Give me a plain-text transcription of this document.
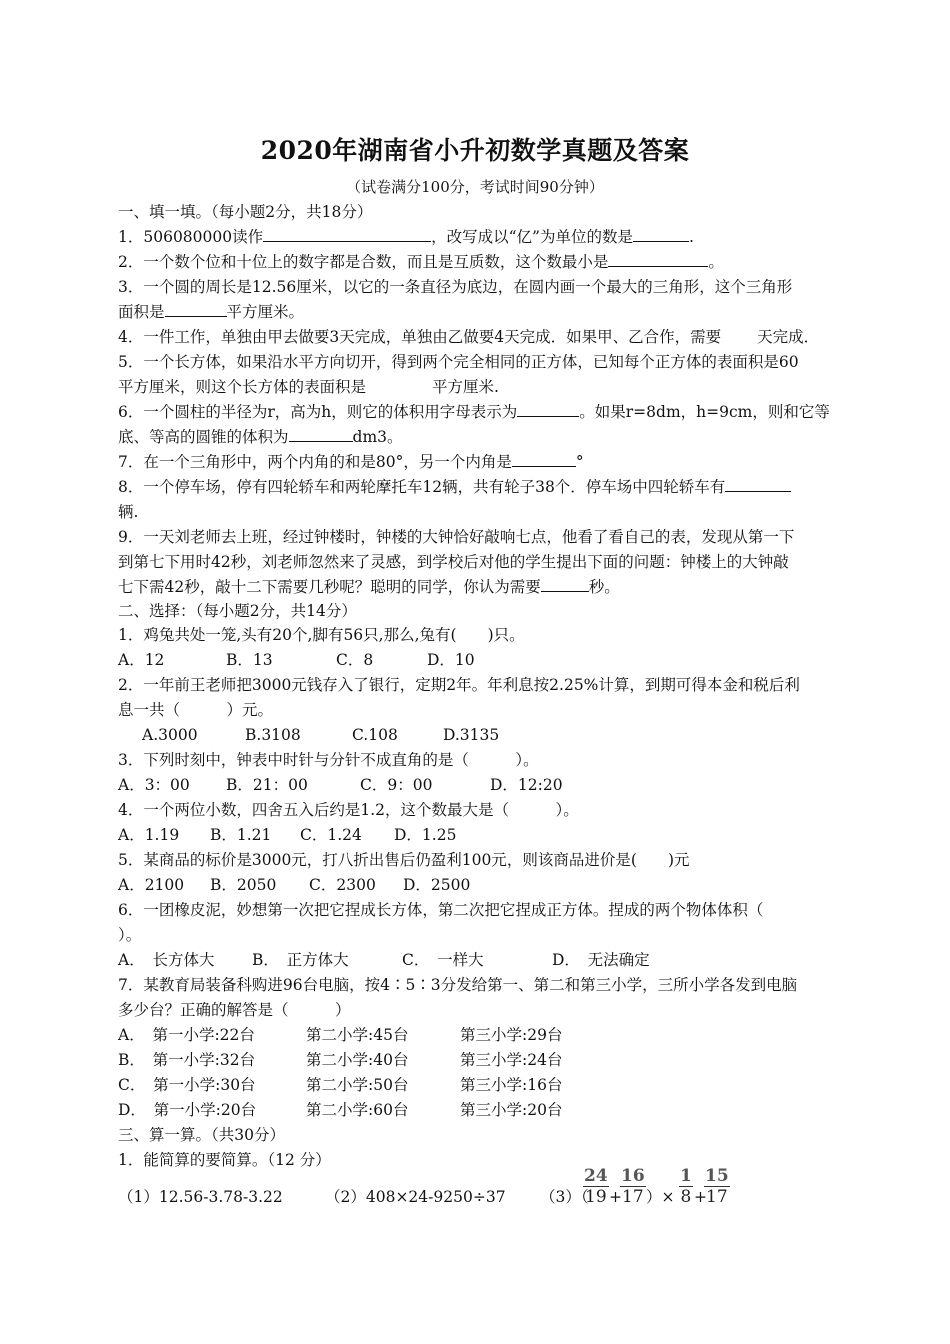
2020年湖南省小升初数学真题及答案
（试卷满分100分，考试时间90分钟）
一、填一填。（每小题2分，共18分）
1．506080000读作	，改写成以“亿”为单位的数是	.
2．一个数个位和十位上的数字都是合数，而且是互质数，这个数最小是	。
3．一个圆的周长是12.56厘米，以它的一条直径为底边，在圆内画一个最大的三角形，这个三角形
面积是	平方厘米。
4．一件工作，单独由甲去做要3天完成，单独由乙做要4天完成．如果甲、乙合作，需要 天完成．
5．一个长方体，如果沿水平方向切开，得到两个完全相同的正方体，已知每个正方体的表面积是60
平方厘米，则这个长方体的表面积是	平方厘米.
6．一个圆柱的半径为r，高为h，则它的体积用字母表示为	。如果r=8dm，h=9cm，则和它等
底、等高的圆锥的体积为	dm3。
7．在一个三角形中，两个内角的和是80°，另一个内角是	°
8．一个停车场，停有四轮轿车和两轮摩托车12辆，共有轮子38个．停车场中四轮轿车有
辆.
9．一天刘老师去上班，经过钟楼时，钟楼的大钟恰好敲响七点，他看了看自己的表，发现从第一下
到第七下用时42秒，刘老师忽然来了灵感，到学校后对他的学生提出下面的问题：钟楼上的大钟敲
七下需42秒，敲十二下需要几秒呢？聪明的同学，你认为需要	秒。
二、选择：（每小题2分，共14分）
1．鸡兔共处一笼,头有20个,脚有56只,那么,兔有(　　)只。
A．12	B．13	C．8	D．10
2．一年前王老师把3000元钱存入了银行，定期2年。年利息按2.25%计算，到期可得本金和税后利
息一共（　　　）元。
A.3000	B.3108	C.108	D.3135
3．下列时刻中，钟表中时针与分针不成直角的是（　　　）。
A．3：00 B．21：00	C．9：00	D．12:20
4．一个两位小数，四舍五入后约是1.2，这个数最大是（　　　）。
A．1.19 B．1.21 C．1.24 D．1.25
5．某商品的标价是3000元，打八折出售后仍盈利100元，则该商品进价是(　　)元
A．2100 B．2050 C．2300 D．2500
6．一团橡皮泥，妙想第一次把它捏成长方体，第二次把它捏成正方体。捏成的两个物体体积（
）。
A．　长方体大 B．　正方体大	C．　一样大	D．　无法确定
7．某教育局装备科购进96台电脑，按4∶5∶3分发给第一、第二和第三小学，三所小学各发到电脑
多少台？正确的解答是（　　　）
A．　第一小学:22台	第二小学:45台	第三小学:29台
B．　第一小学:32台	第二小学:40台	第三小学:24台
C．　第一小学:30台	第二小学:50台	第三小学:16台
D．　第一小学:20台	第二小学:60台	第三小学:20台
三、算一算。（共30分）
1．能简算的要简算。（12 分）
（1）12.56-3.78-3.22	（2）408×24-9250÷37 （3）（
$\frac{24}{19}$ +
$\frac{16}{17}$ ）× $\frac{1}{8}$ +
$\frac{15}{17}$
